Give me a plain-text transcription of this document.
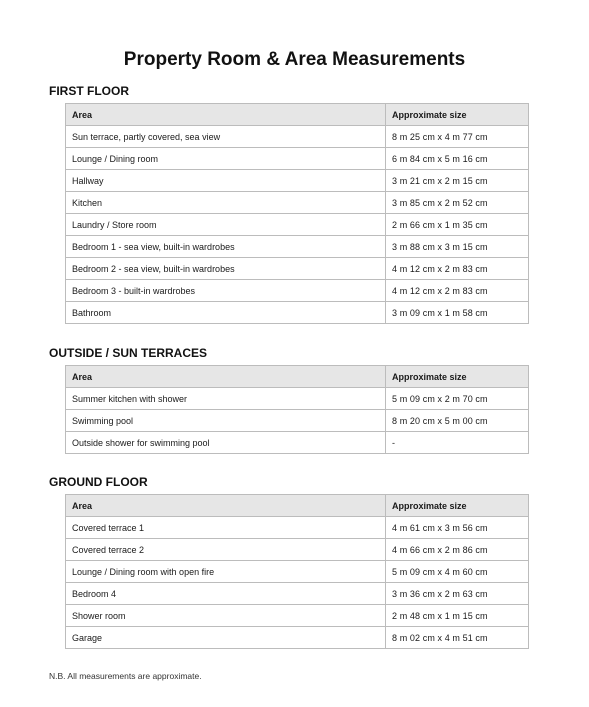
Property Room & Area Measurements
FIRST FLOOR
Area	Approximate size
Sun terrace, partly covered, sea view	8 m 25 cm x 4 m 77 cm
Lounge / Dining room	6 m 84 cm x 5 m 16 cm
Hallway	3 m 21 cm x 2 m 15 cm
Kitchen	3 m 85 cm x 2 m 52 cm
Laundry / Store room	2 m 66 cm x 1 m 35 cm
Bedroom 1 - sea view, built-in wardrobes	3 m 88 cm x 3 m 15 cm
Bedroom 2 - sea view, built-in wardrobes	4 m 12 cm x 2 m 83 cm
Bedroom 3 - built-in wardrobes	4 m 12 cm x 2 m 83 cm
Bathroom	3 m 09 cm x 1 m 58 cm
OUTSIDE / SUN TERRACES
Area	Approximate size
Summer kitchen with shower	5 m 09 cm x 2 m 70 cm
Swimming pool	8 m 20 cm x 5 m 00 cm
Outside shower for swimming pool	-
GROUND FLOOR
Area	Approximate size
Covered terrace 1	4 m 61 cm x 3 m 56 cm
Covered terrace 2	4 m 66 cm x 2 m 86 cm
Lounge / Dining room with open fire	5 m 09 cm x 4 m 60 cm
Bedroom 4	3 m 36 cm x 2 m 63 cm
Shower room	2 m 48 cm x 1 m 15 cm
Garage	8 m 02 cm x 4 m 51 cm
N.B. All measurements are approximate.
